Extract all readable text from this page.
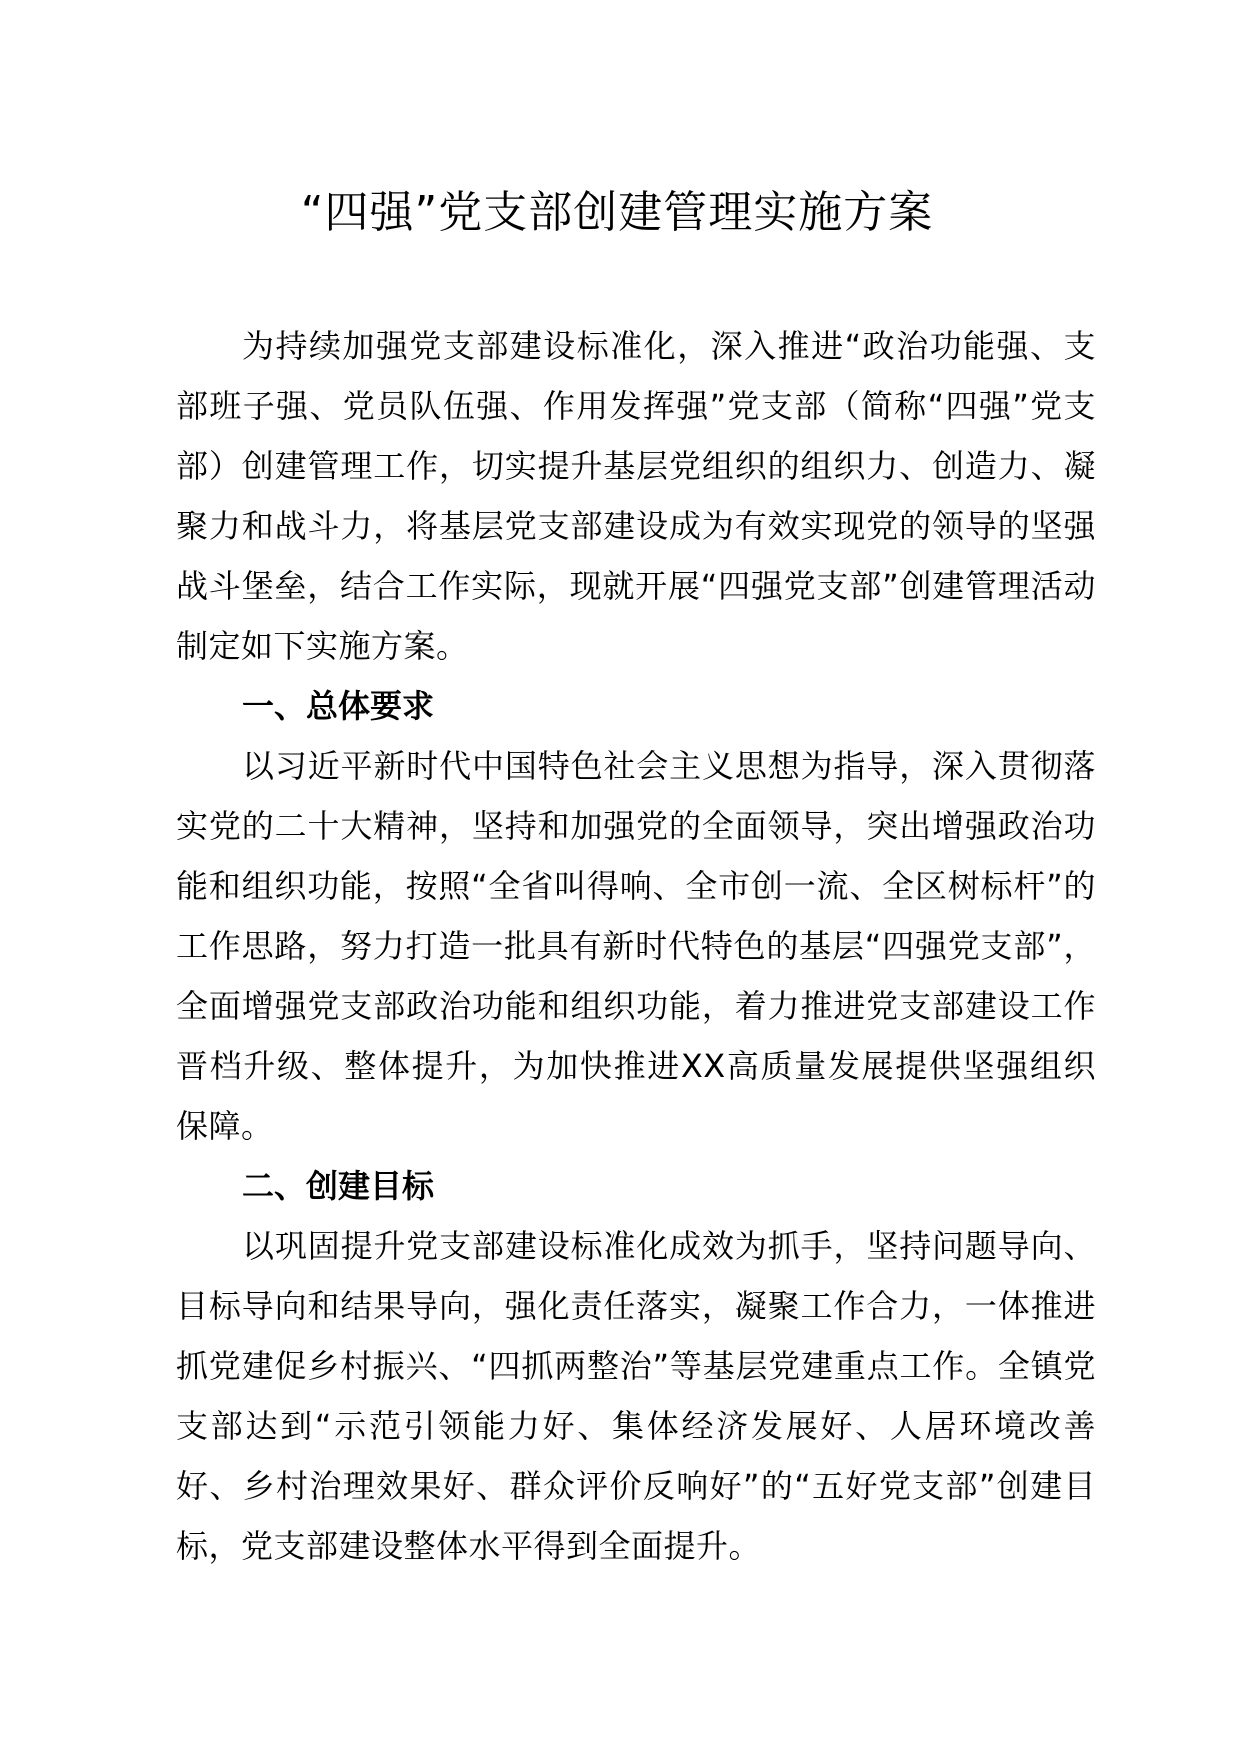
“四强”党支部创建管理实施方案

为持续加强党支部建设标准化，深入推进“政治功能强、支部班子强、党员队伍强、作用发挥强”党支部（简称“四强”党支部）创建管理工作，切实提升基层党组织的组织力、创造力、凝聚力和战斗力，将基层党支部建设成为有效实现党的领导的坚强战斗堡垒，结合工作实际，现就开展“四强党支部”创建管理活动制定如下实施方案。

一、总体要求

以习近平新时代中国特色社会主义思想为指导，深入贯彻落实党的二十大精神，坚持和加强党的全面领导，突出增强政治功能和组织功能，按照“全省叫得响、全市创一流、全区树标杆”的工作思路，努力打造一批具有新时代特色的基层“四强党支部”，全面增强党支部政治功能和组织功能，着力推进党支部建设工作晋档升级、整体提升，为加快推进XX高质量发展提供坚强组织保障。

二、创建目标

以巩固提升党支部建设标准化成效为抓手，坚持问题导向、目标导向和结果导向，强化责任落实，凝聚工作合力，一体推进抓党建促乡村振兴、“四抓两整治”等基层党建重点工作。全镇党支部达到“示范引领能力好、集体经济发展好、人居环境改善好、乡村治理效果好、群众评价反响好”的“五好党支部”创建目标，党支部建设整体水平得到全面提升。
